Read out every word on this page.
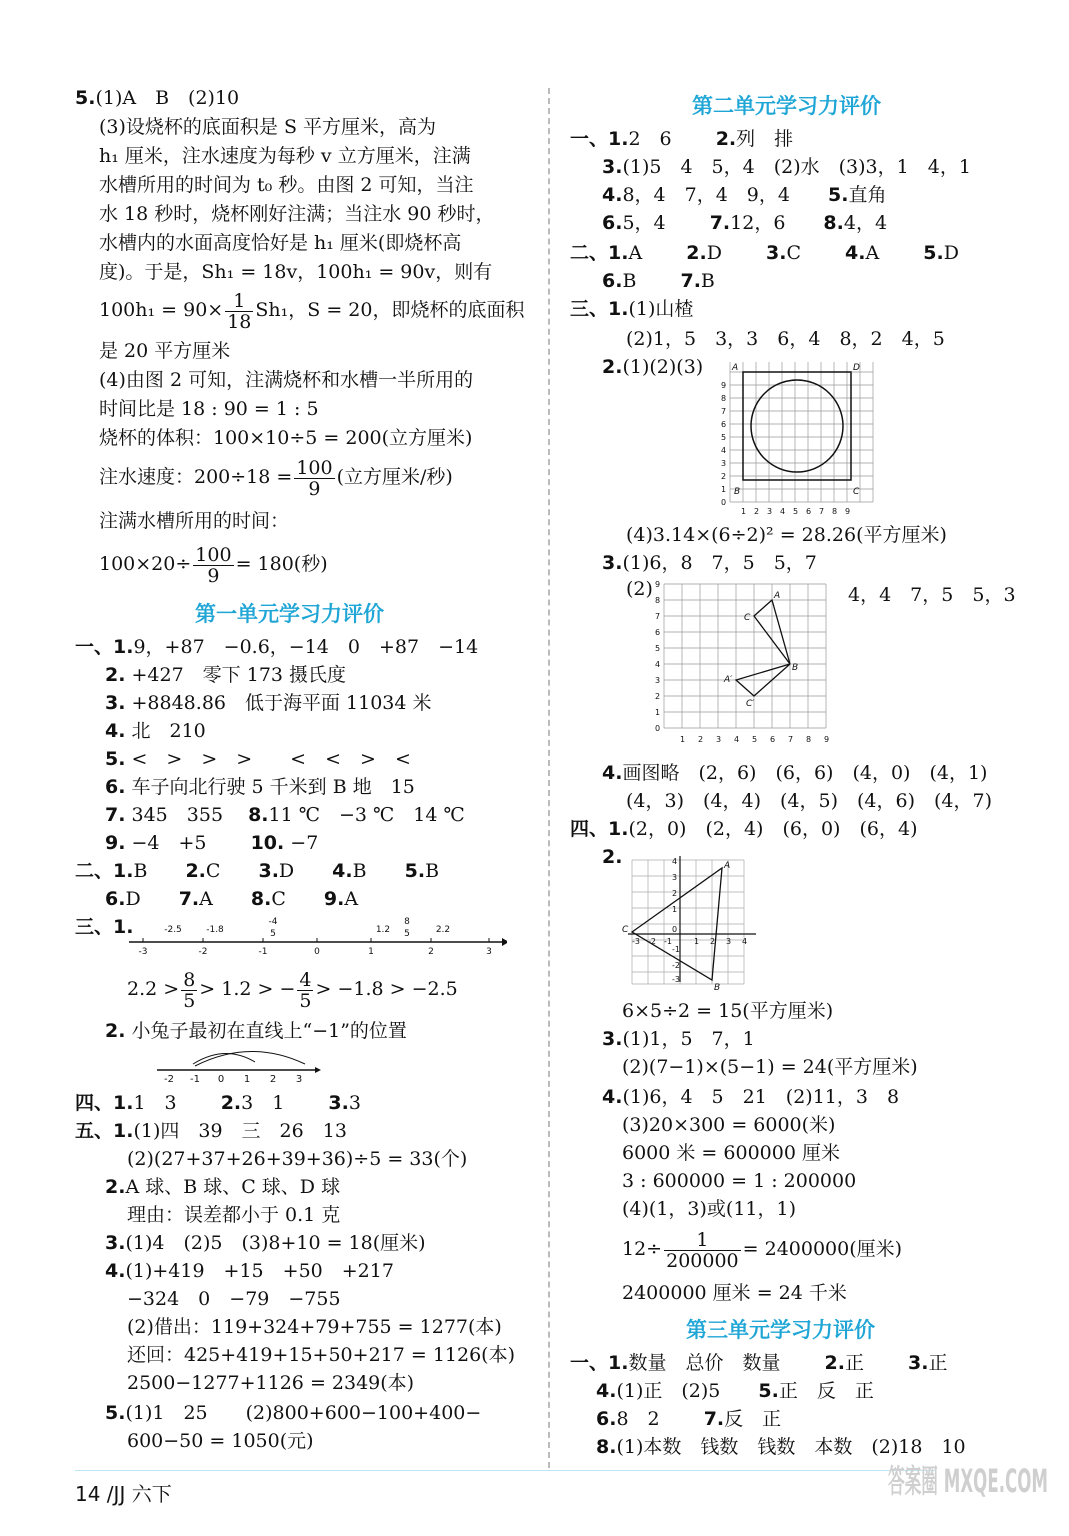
5.(1)A　B　(2)10
(3)设烧杯的底面积是 S 平方厘米，高为
h₁ 厘米，注水速度为每秒 v 立方厘米，注满
水槽所用的时间为 t₀ 秒。由图 2 可知，当注
水 18 秒时，烧杯刚好注满；当注水 90 秒时，
水槽内的水面高度恰好是 h₁ 厘米(即烧杯高
度)。于是，Sh₁ = 18v，100h₁ = 90v，则有
$100h_1 = 90\times \frac{1}{18} Sh_1$，S = 20，即烧杯的底面积
是 20 平方厘米
(4)由图 2 可知，注满烧杯和水槽一半所用的
时间比是 18 : 90 = 1 : 5
烧杯的体积：100×10÷5 = 200(立方厘米)
注水速度：$200\div 18 = \frac{100}{9}$ (立方厘米/秒)
注满水槽所用的时间：
$100\times 20\div \frac{100}{9} = 180$(秒)
第一单元学习力评价
一、1.9，+87　−0.6，−14　0　+87　−14
2. +427　零下 173 摄氏度
3. +8848.86　低于海平面 11034 米
4. 北　210
5. <　>　>　>　　<　<　>　<
6. 车子向北行驶 5 千米到 B 地　15
7. 345　355　 8.11 ℃　−3 ℃　14 ℃
9. −4　+5　　 10. −7
二、1.B　　 2.C　　 3.D　　 4.B　　 5.B
6.D　　 7.A　　 8.C　　 9.A
三、1.
-3	-2	-1	0	1	2	3
-2.5	-1.8
-4
5	1.2
8
5	2.2
$2.2 > \frac{8}{5} > 1.2$ > − $\frac{4}{5} > -1.8 > -2.5$
2. 小兔子最初在直线上“−1”的位置
-2 -1 0 1 2 3
四、1.1　3　　 2.3　1　　 3.3
五、1.(1)四　39　三　26　13
(2)(27+37+26+39+36)÷5 = 33(个)
2.A 球、B 球、C 球、D 球
理由：误差都小于 0.1 克
3.(1)4　(2)5　(3)8+10 = 18(厘米)
4.(1)+419　+15　+50　+217
−324　0　−79　−755
(2)借出：119+324+79+755 = 1277(本)
还回：425+419+15+50+217 = 1126(本)
2500−1277+1126 = 2349(本)
5.(1)1　25　　(2)800+600−100+400−
600−50 = 1050(元)
第二单元学习力评价
一、1.2　6　　 2.列　排
3.(1)5　4　5，4　(2)水　(3)3，1　4，1
4.8，4　7，4　9，4　　 5.直角
6.5，4　　 7.12，6　　 8.4，4
二、1.A　　 2.D　　 3.C　　 4.A　　 5.D
6.B　　 7.B
三、1.(1)山楂
(2)1，5　3，3　6，4　8，2　4，5
2.(1)(2)(3)	A	D
B	C
0
1
2
3
4
5
6
7
8
9
1 2 3 4 5 6 7 8 9
(4)3.14×(6÷2)² = 28.26(平方厘米)
3.(1)6，8　7，5　5，7
(2)	4，4　7，5　5，3
A
C
B
A′
C′
0
1
2
3
4
5
6
7
8
9
1 2 3 4 5 6 7 8 9
4.画图略　(2，6)　(6，6)　(4，0)　(4，1)
(4，3)　(4，4)　(4，5)　(4，6)　(4，7)
四、1.(2，0)　(2，4)　(6，0)　(6，4)
2.	A
B
C
4
3
2
1
0
-1
-2
-3
-3 -2 -1	1 2 3 4
6×5÷2 = 15(平方厘米)
3.(1)1，5　7，1
(2)(7−1)×(5−1) = 24(平方厘米)
4.(1)6，4　5　21　(2)11，3　8
(3)20×300 = 6000(米)
6000 米 = 600000 厘米
3 : 600000 = 1 : 200000
(4)(1，3)或(11，1)
$12\div \frac{1}{200000} = 2400000$(厘米)
2400000 厘米 = 24 千米
第三单元学习力评价
一、1.数量　总价　数量　　 2.正　　 3.正
4.(1)正　(2)5　　 5.正　反　正
6.8　2　　 7.反　正
8.(1)本数　钱数　钱数　本数　(2)18　10
14 /JJ 六下	答案圈 MXQE.COM
